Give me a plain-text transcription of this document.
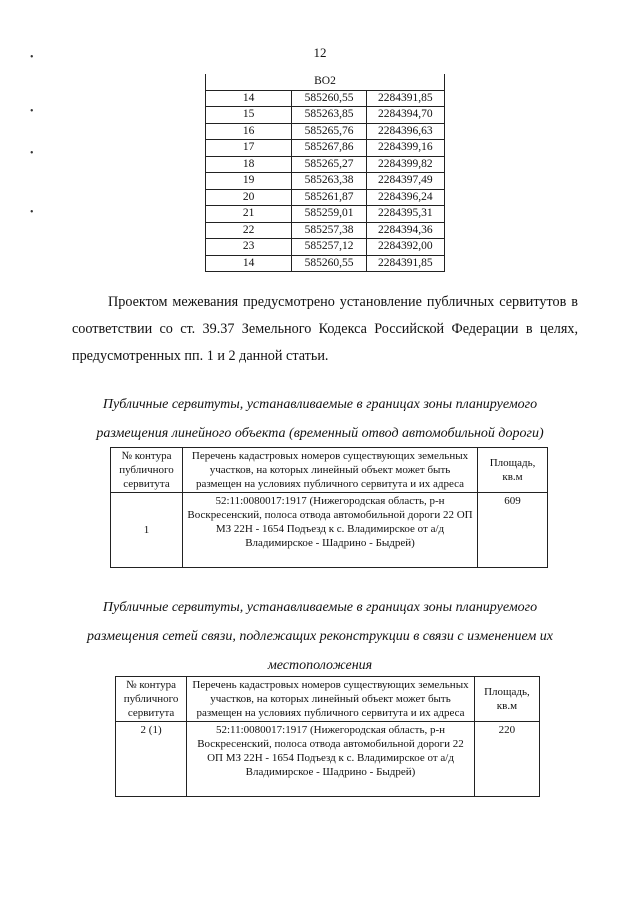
12
•
•
•
•
ВО2		
14	585260,55	2284391,85
15	585263,85	2284394,70
16	585265,76	2284396,63
17	585267,86	2284399,16
18	585265,27	2284399,82
19	585263,38	2284397,49
20	585261,87	2284396,24
21	585259,01	2284395,31
22	585257,38	2284394,36
23	585257,12	2284392,00
14	585260,55	2284391,85
Проектом межевания предусмотрено установление публичных сервитутов в соответствии со ст. 39.37 Земельного Кодекса Российской Федерации в целях, предусмотренных пп. 1 и 2 данной статьи.
Публичные сервитуты, устанавливаемые в границах зоны планируемого
размещения линейного объекта (временный отвод автомобильной дороги)
№ контура публичного сервитута	Перечень кадастровых номеров существующих земельных участков, на которых линейный объект может быть размещен на условиях публичного сервитута и их адреса	Площадь, кв.м
1	52:11:0080017:1917 (Нижегородская область, р-н Воскресенский, полоса отвода автомобильной дороги 22 ОП МЗ 22Н - 1654 Подъезд к с. Владимирское от а/д Владимирское - Шадрино - Быдрей)	609
Публичные сервитуты, устанавливаемые в границах зоны планируемого
размещения сетей связи, подлежащих реконструкции в связи с изменением их
местоположения
№ контура публичного сервитута	Перечень кадастровых номеров существующих земельных участков, на которых линейный объект может быть размещен на условиях публичного сервитута и их адреса	Площадь, кв.м
2 (1)	52:11:0080017:1917 (Нижегородская область, р-н Воскресенский, полоса отвода автомобильной дороги 22 ОП МЗ 22Н - 1654 Подъезд к с. Владимирское от а/д Владимирское - Шадрино - Быдрей)	220
